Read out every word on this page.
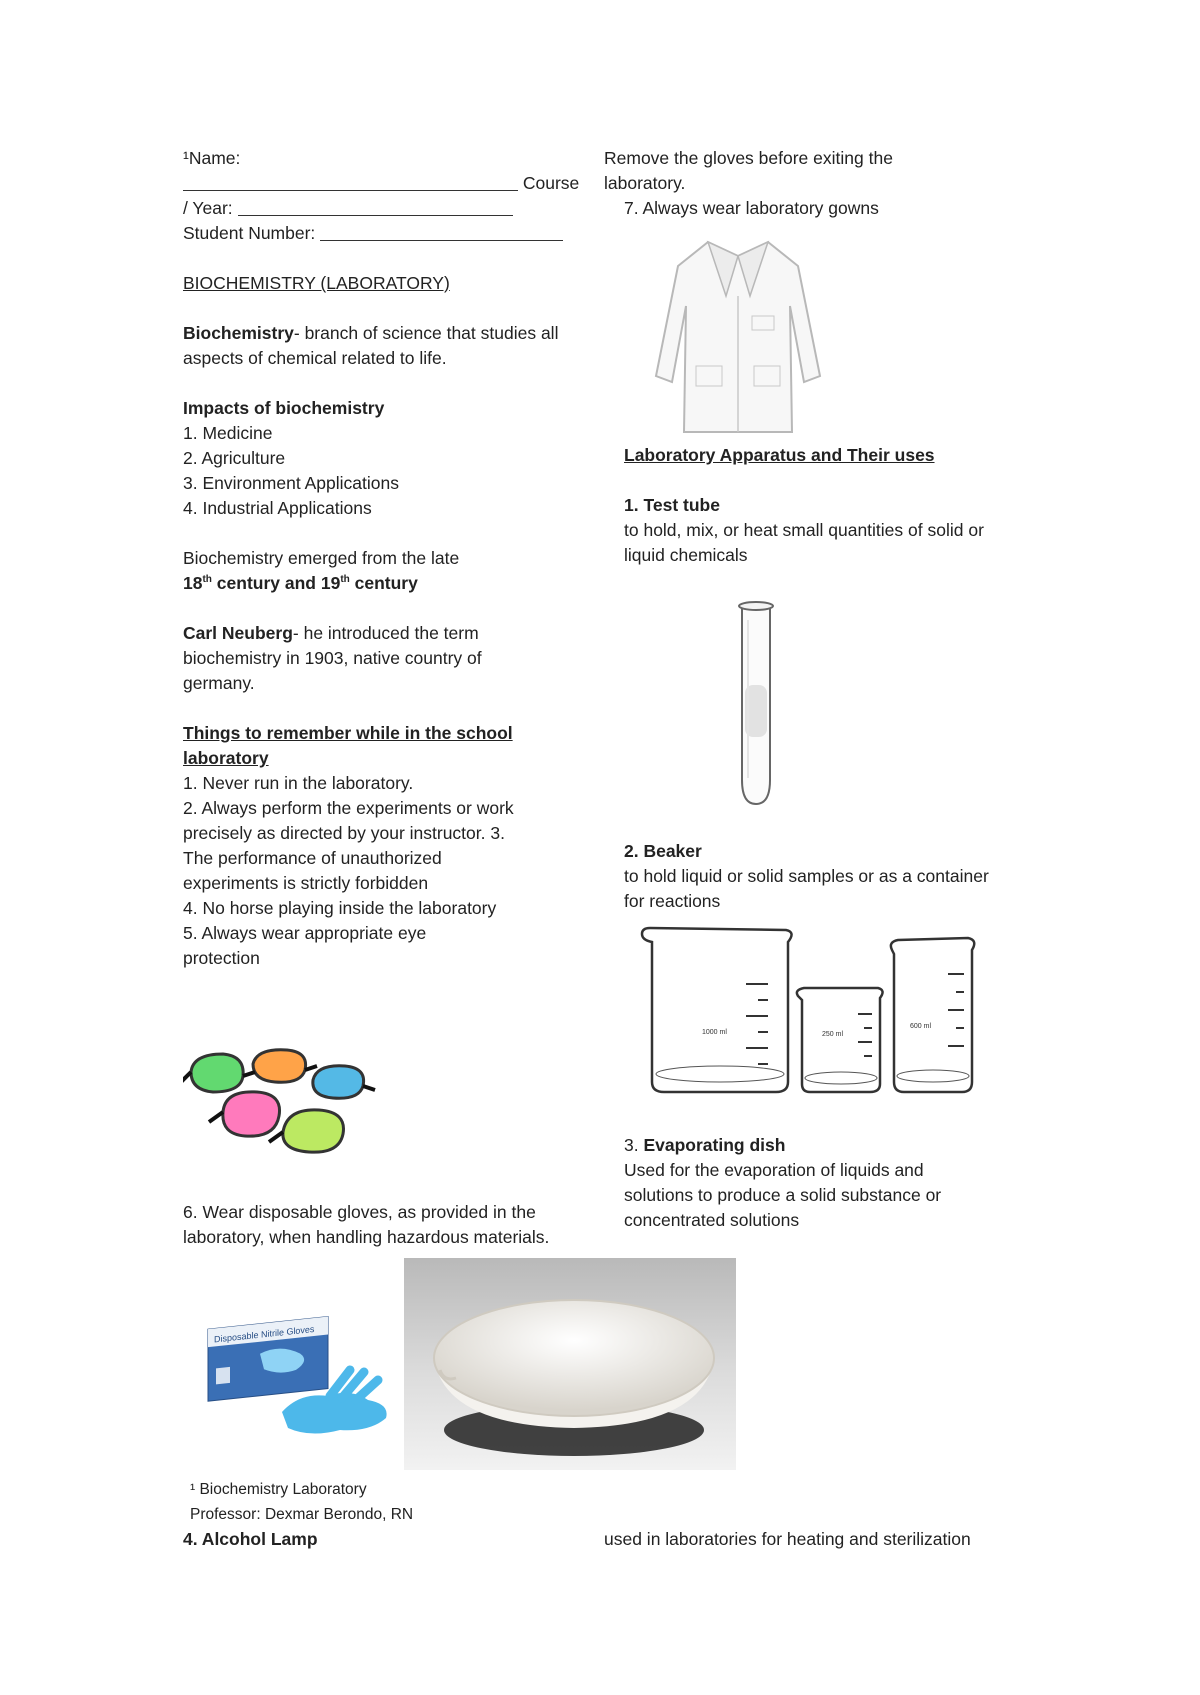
¹Name:
Course
/ Year:
Student Number:
BIOCHEMISTRY (LABORATORY)
Biochemistry- branch of science that studies all
aspects of chemical related to life.
Impacts of biochemistry
1. Medicine
2. Agriculture
3. Environment Applications
4. Industrial Applications
Biochemistry emerged from the late
18th century and 19th century
Carl Neuberg- he introduced the term
biochemistry in 1903, native country of
germany.
Things to remember while in the school
laboratory
1. Never run in the laboratory.
2. Always perform the experiments or work
precisely as directed by your instructor. 3.
The performance of unauthorized
experiments is strictly forbidden
4. No horse playing inside the laboratory
5. Always wear appropriate eye
protection
6. Wear disposable gloves, as provided in the
laboratory, when handling hazardous materials.
Disposable Nitrile Gloves
Remove the gloves before exiting the
laboratory.
7. Always wear laboratory gowns
Laboratory Apparatus and Their uses
1. Test tube
to hold, mix, or heat small quantities of solid or
liquid chemicals
2. Beaker
to hold liquid or solid samples or as a container
for reactions
1000 ml	250 ml
600 ml
3. Evaporating dish
Used for the evaporation of liquids and
solutions to produce a solid substance or
concentrated solutions
¹ Biochemistry Laboratory
Professor: Dexmar Berondo, RN
4. Alcohol Lamp	used in laboratories for heating and sterilization
